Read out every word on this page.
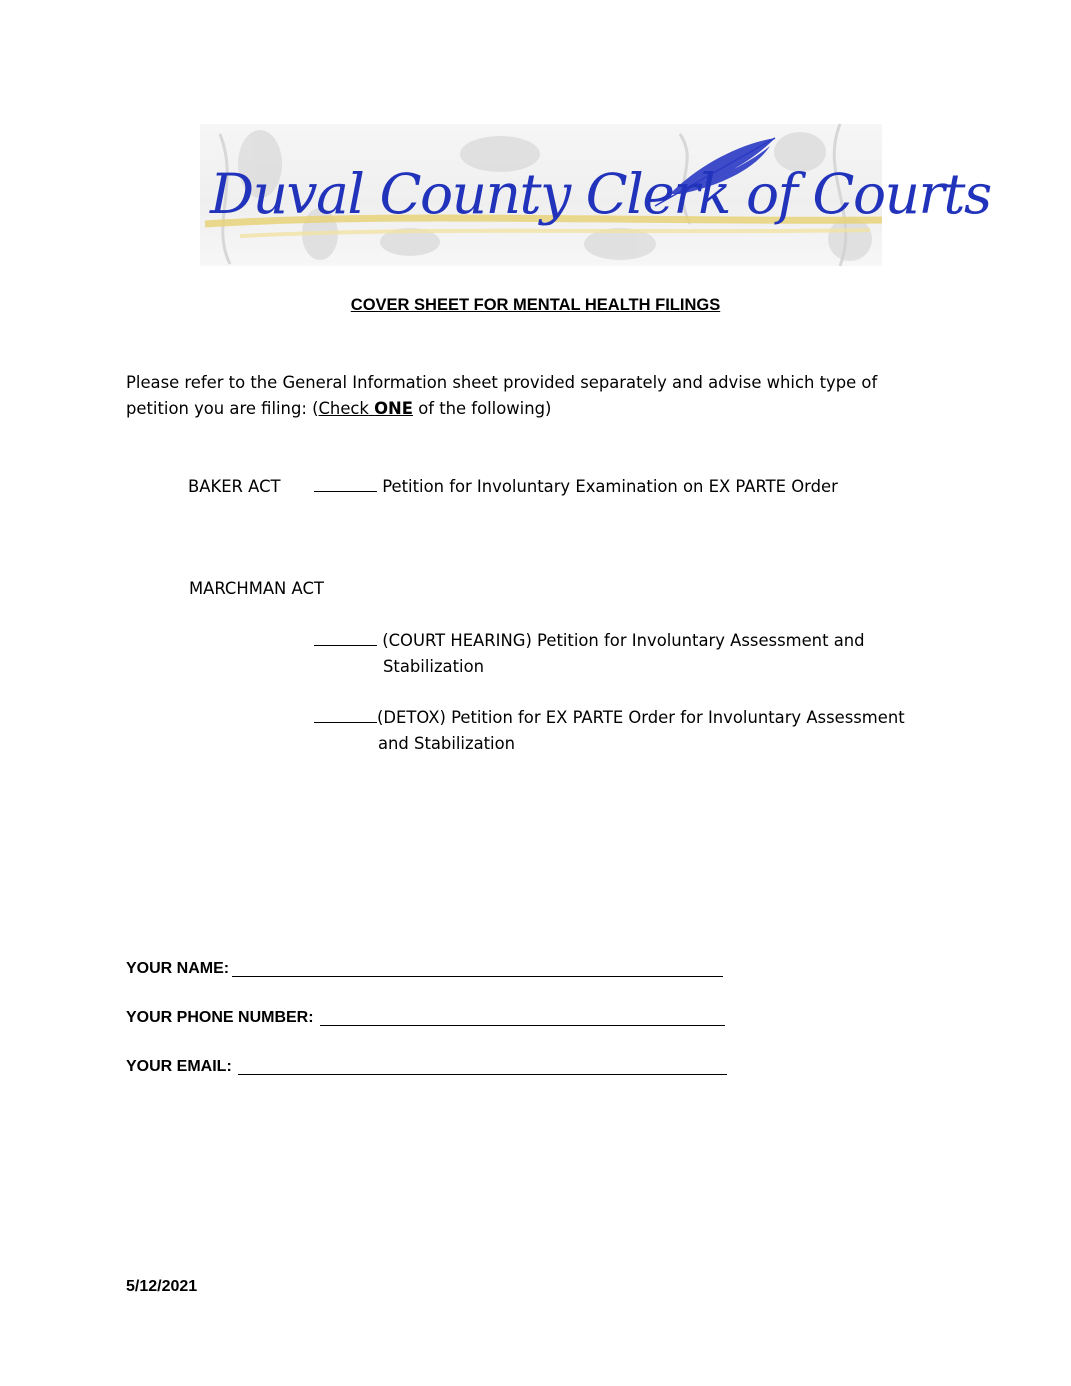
Duval County Clerk of Courts
COVER SHEET FOR MENTAL HEALTH FILINGS
Please refer to the General Information sheet provided separately and advise which type of
petition you are filing: (Check ONE of the following)
BAKER ACT	Petition for Involuntary Examination on EX PARTE Order
MARCHMAN ACT
(COURT HEARING) Petition for Involuntary Assessment and
Stabilization
(DETOX) Petition for EX PARTE Order for Involuntary Assessment
and Stabilization
YOUR NAME:
YOUR PHONE NUMBER:
YOUR EMAIL:
5/12/2021
